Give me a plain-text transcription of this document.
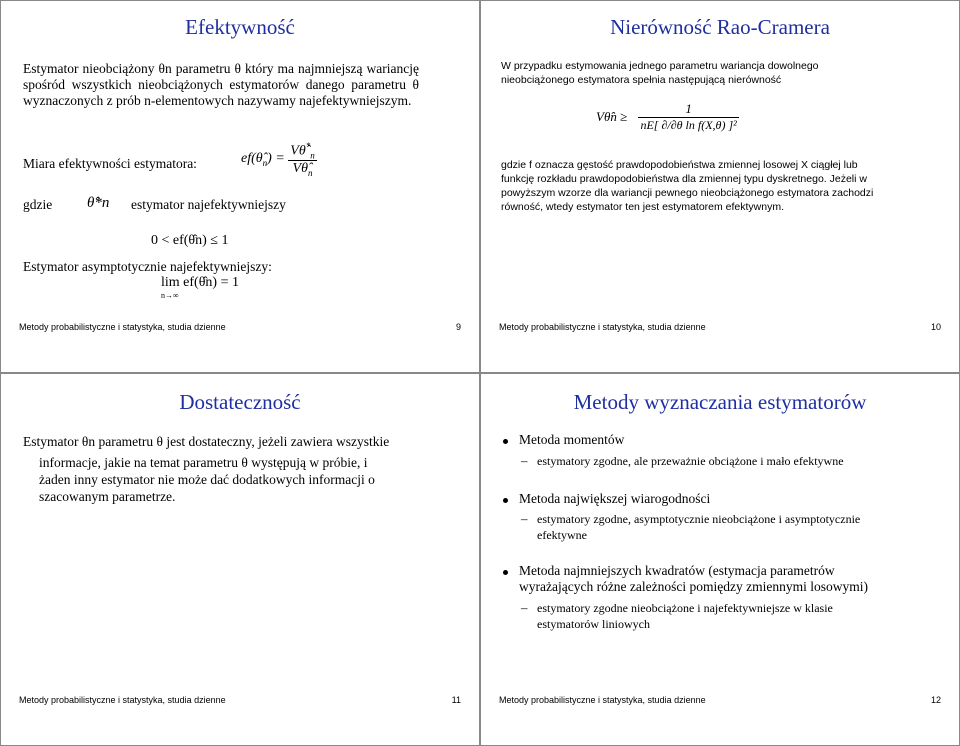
Efektywność
Estymator nieobciążony θn parametru θ który ma najmniejszą wariancję spośród wszystkich nieobciążonych estymatorów danego parametru θ wyznaczonych z prób n-elementowych nazywamy najefektywniejszym.
Miara efektywności estymatora:	$ef(\thetâ_n) = \frac{V\thetâ^*_n}{V\thetâ_n}$
gdzie θ̂*n estymator najefektywniejszy
0 < ef(θ̂n) ≤ 1
Estymator asymptotycznie najefektywniejszy:
lim ef(θ̂n) = 1
n→∞
Metody probabilistyczne i statystyka, studia dzienne	9
Nierówność Rao-Cramera
W przypadku estymowania jednego parametru wariancja dowolnego nieobciążonego estymatora spełnia następującą nierówność
Vθ̂n ≥ $\frac{1}{\text{nE[ ∂/∂θ ln f(X,θ) ]²}}$
gdzie f oznacza gęstość prawdopodobieństwa zmiennej losowej X ciągłej lub funkcję rozkładu prawdopodobieństwa dla zmiennej typu dyskretnego. Jeżeli w powyższym wzorze dla wariancji pewnego nieobciążonego estymatora zachodzi równość, wtedy estymator ten jest estymatorem efektywnym.
Metody probabilistyczne i statystyka, studia dzienne	10
Dostateczność
Estymator θn parametru θ jest dostateczny, jeżeli zawiera wszystkie
informacje, jakie na temat parametru θ występują w próbie, i
żaden inny estymator nie może dać dodatkowych informacji o
szacowanym parametrze.
Metody probabilistyczne i statystyka, studia dzienne	11
Metody wyznaczania estymatorów
Metoda momentów
– estymatory zgodne, ale przeważnie obciążone i mało efektywne
Metoda największej wiarogodności
– estymatory zgodne, asymptotycznie nieobciążone i asymptotycznie efektywne
Metoda najmniejszych kwadratów (estymacja parametrów wyrażających różne zależności pomiędzy zmiennymi losowymi)
– estymatory zgodne nieobciążone i najefektywniejsze w klasie estymatorów liniowych
Metody probabilistyczne i statystyka, studia dzienne	12
